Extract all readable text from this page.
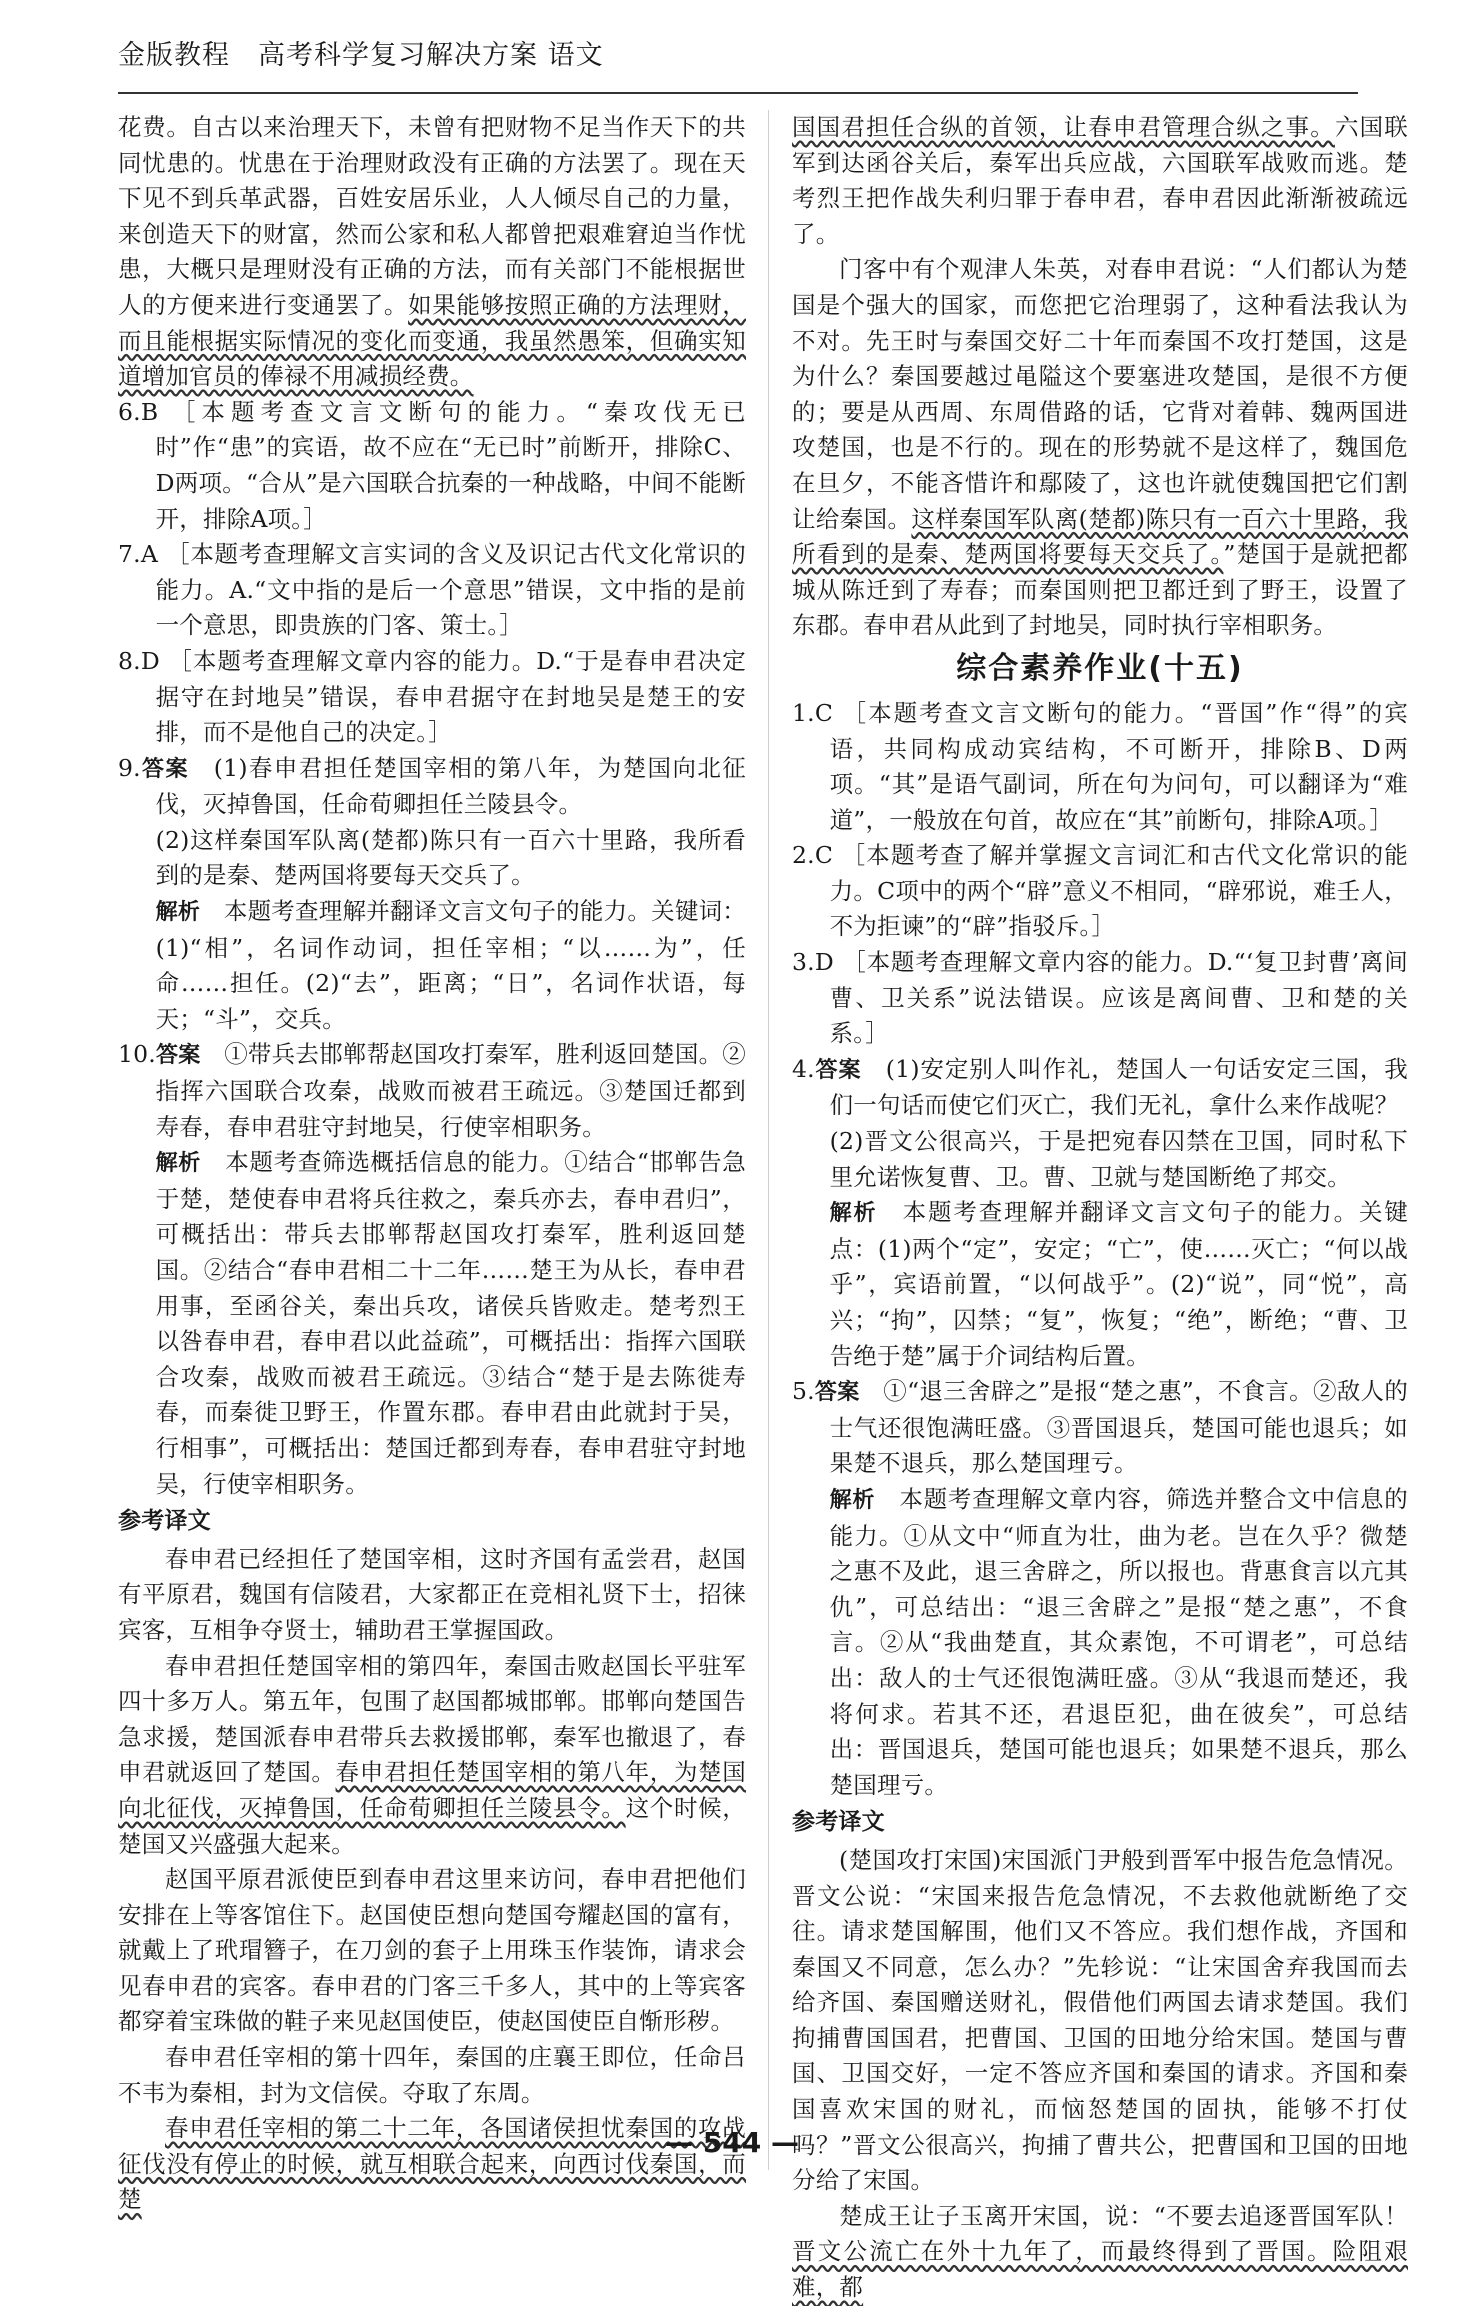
金版教程　高考科学复习解决方案 语文

花费。自古以来治理天下，未曾有把财物不足当作天下的共同忧患的。忧患在于治理财政没有正确的方法罢了。现在天下见不到兵革武器，百姓安居乐业，人人倾尽自己的力量，来创造天下的财富，然而公家和私人都曾把艰难窘迫当作忧患，大概只是理财没有正确的方法，而有关部门不能根据世人的方便来进行变通罢了。如果能够按照正确的方法理财，而且能根据实际情况的变化而变通，我虽然愚笨，但确实知道增加官员的俸禄不用减损经费。

6.B ［本题考查文言文断句的能力。“秦攻伐无已时”作“患”的宾语，故不应在“无已时”前断开，排除C、D两项。“合从”是六国联合抗秦的一种战略，中间不能断开，排除A项。］

7.A ［本题考查理解文言实词的含义及识记古代文化常识的能力。A.“文中指的是后一个意思”错误，文中指的是前一个意思，即贵族的门客、策士。］

8.D ［本题考查理解文章内容的能力。D.“于是春申君决定据守在封地吴”错误，春申君据守在封地吴是楚王的安排，而不是他自己的决定。］

9.答案　 (1)春申君担任楚国宰相的第八年，为楚国向北征伐，灭掉鲁国，任命荀卿担任兰陵县令。

(2)这样秦国军队离(楚都)陈只有一百六十里路，我所看到的是秦、楚两国将要每天交兵了。

解析　 本题考查理解并翻译文言文句子的能力。关键词：(1)“相”，名词作动词，担任宰相；“以……为”，任命……担任。(2)“去”，距离；“日”，名词作状语，每天；“斗”，交兵。

10.答案　 ①带兵去邯郸帮赵国攻打秦军，胜利返回楚国。②指挥六国联合攻秦，战败而被君王疏远。③楚国迁都到寿春，春申君驻守封地吴，行使宰相职务。

解析　 本题考查筛选概括信息的能力。①结合“邯郸告急于楚，楚使春申君将兵往救之，秦兵亦去，春申君归”，可概括出：带兵去邯郸帮赵国攻打秦军，胜利返回楚国。②结合“春申君相二十二年……楚王为从长，春申君用事，至函谷关，秦出兵攻，诸侯兵皆败走。楚考烈王以咎春申君，春申君以此益疏”，可概括出：指挥六国联合攻秦，战败而被君王疏远。③结合“楚于是去陈徙寿春，而秦徙卫野王，作置东郡。春申君由此就封于吴，行相事”，可概括出：楚国迁都到寿春，春申君驻守封地吴，行使宰相职务。

参考译文

春申君已经担任了楚国宰相，这时齐国有孟尝君，赵国有平原君，魏国有信陵君，大家都正在竞相礼贤下士，招徕宾客，互相争夺贤士，辅助君王掌握国政。

春申君担任楚国宰相的第四年，秦国击败赵国长平驻军四十多万人。第五年，包围了赵国都城邯郸。邯郸向楚国告急求援，楚国派春申君带兵去救援邯郸，秦军也撤退了，春申君就返回了楚国。春申君担任楚国宰相的第八年，为楚国向北征伐，灭掉鲁国，任命荀卿担任兰陵县令。这个时候，楚国又兴盛强大起来。

赵国平原君派使臣到春申君这里来访问，春申君把他们安排在上等客馆住下。赵国使臣想向楚国夸耀赵国的富有，就戴上了玳瑁簪子，在刀剑的套子上用珠玉作装饰，请求会见春申君的宾客。春申君的门客三千多人，其中的上等宾客都穿着宝珠做的鞋子来见赵国使臣，使赵国使臣自惭形秽。

春申君任宰相的第十四年，秦国的庄襄王即位，任命吕不韦为秦相，封为文信侯。夺取了东周。

春申君任宰相的第二十二年，各国诸侯担忧秦国的攻战征伐没有停止的时候，就互相联合起来，向西讨伐秦国，而楚

国国君担任合纵的首领，让春申君管理合纵之事。六国联军到达函谷关后，秦军出兵应战，六国联军战败而逃。楚考烈王把作战失利归罪于春申君，春申君因此渐渐被疏远了。

门客中有个观津人朱英，对春申君说：“人们都认为楚国是个强大的国家，而您把它治理弱了，这种看法我认为不对。先王时与秦国交好二十年而秦国不攻打楚国，这是为什么？秦国要越过黾隘这个要塞进攻楚国，是很不方便的；要是从西周、东周借路的话，它背对着韩、魏两国进攻楚国，也是不行的。现在的形势就不是这样了，魏国危在旦夕，不能吝惜许和鄢陵了，这也许就使魏国把它们割让给秦国。这样秦国军队离(楚都)陈只有一百六十里路，我所看到的是秦、楚两国将要每天交兵了。”楚国于是就把都城从陈迁到了寿春；而秦国则把卫都迁到了野王，设置了东郡。春申君从此到了封地吴，同时执行宰相职务。

综合素养作业(十五)

1.C ［本题考查文言文断句的能力。“晋国”作“得”的宾语，共同构成动宾结构，不可断开，排除B、D两项。“其”是语气副词，所在句为问句，可以翻译为“难道”，一般放在句首，故应在“其”前断句，排除A项。］

2.C ［本题考查了解并掌握文言词汇和古代文化常识的能力。C项中的两个“辟”意义不相同，“辟邪说，难壬人，不为拒谏”的“辟”指驳斥。］

3.D ［本题考查理解文章内容的能力。D.“‘复卫封曹’离间曹、卫关系”说法错误。应该是离间曹、卫和楚的关系。］

4.答案　 (1)安定别人叫作礼，楚国人一句话安定三国，我们一句话而使它们灭亡，我们无礼，拿什么来作战呢？

(2)晋文公很高兴，于是把宛春囚禁在卫国，同时私下里允诺恢复曹、卫。曹、卫就与楚国断绝了邦交。

解析　 本题考查理解并翻译文言文句子的能力。关键点：(1)两个“定”，安定；“亡”，使……灭亡；“何以战乎”，宾语前置，“以何战乎”。(2)“说”，同“悦”，高兴；“拘”，囚禁；“复”，恢复；“绝”，断绝；“曹、卫告绝于楚”属于介词结构后置。

5.答案　 ①“退三舍辟之”是报“楚之惠”，不食言。②敌人的士气还很饱满旺盛。③晋国退兵，楚国可能也退兵；如果楚不退兵，那么楚国理亏。

解析　 本题考查理解文章内容，筛选并整合文中信息的能力。①从文中“师直为壮，曲为老。岂在久乎？微楚之惠不及此，退三舍辟之，所以报也。背惠食言以亢其仇”，可总结出：“退三舍辟之”是报“楚之惠”，不食言。②从“我曲楚直，其众素饱，不可谓老”，可总结出：敌人的士气还很饱满旺盛。③从“我退而楚还，我将何求。若其不还，君退臣犯，曲在彼矣”，可总结出：晋国退兵，楚国可能也退兵；如果楚不退兵，那么楚国理亏。

参考译文

(楚国攻打宋国)宋国派门尹般到晋军中报告危急情况。晋文公说：“宋国来报告危急情况，不去救他就断绝了交往。请求楚国解围，他们又不答应。我们想作战，齐国和秦国又不同意，怎么办？”先轸说：“让宋国舍弃我国而去给齐国、秦国赠送财礼，假借他们两国去请求楚国。我们拘捕曹国国君，把曹国、卫国的田地分给宋国。楚国与曹国、卫国交好，一定不答应齐国和秦国的请求。齐国和秦国喜欢宋国的财礼，而恼怒楚国的固执，能够不打仗吗？”晋文公很高兴，拘捕了曹共公，把曹国和卫国的田地分给了宋国。

楚成王让子玉离开宋国，说：“不要去追逐晋国军队！晋文公流亡在外十九年了，而最终得到了晋国。险阻艰难，都

— 544 —
